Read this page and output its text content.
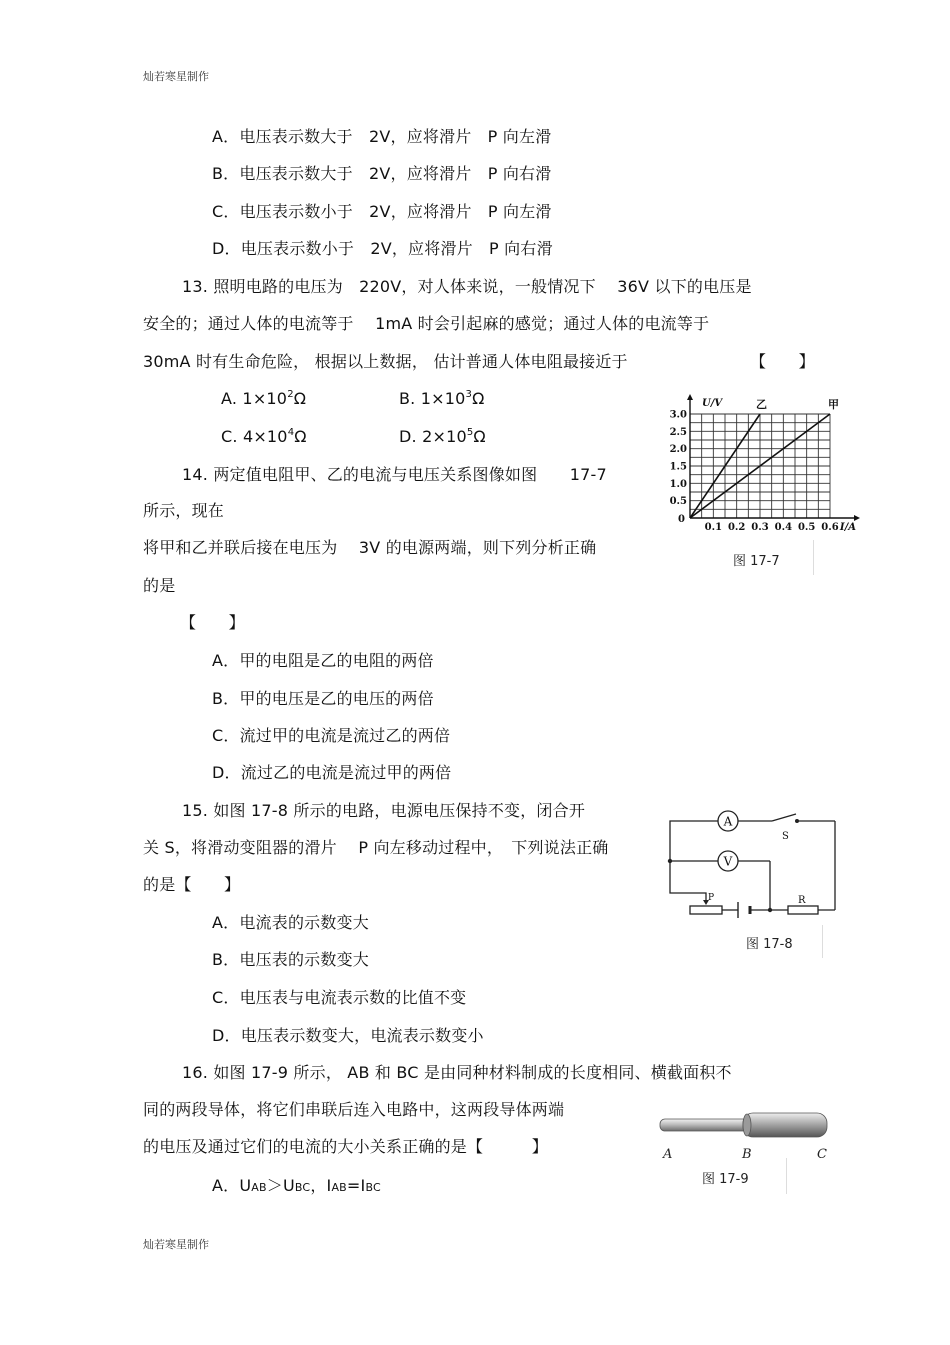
灿若寒星制作
灿若寒星制作
A．电压表示数大于　2V，应将滑片　P 向左滑
B．电压表示数大于　2V，应将滑片　P 向右滑
C．电压表示数小于　2V，应将滑片　P 向左滑
D．电压表示数小于　2V，应将滑片　P 向右滑
13. 照明电路的电压为　220V，对人体来说，一般情况下　 36V 以下的电压是
安全的；通过人体的电流等于　 1mA 时会引起麻的感觉；通过人体的电流等于
30mA 时有生命危险， 根据以上数据， 估计普通人体电阻最接近于	【　　】
A. $1\times 10^2\Omega$	B. $1\times 10^3\Omega$
C. $4\times 10^4\Omega$	D. $2\times 10^5\Omega$
14. 两定值电阻甲、乙的电流与电压关系图像如图　　17-7
所示，现在
将甲和乙并联后接在电压为　 3V 的电源两端，则下列分析正确
的是
【　　】
A．甲的电阻是乙的电阻的两倍
B．甲的电压是乙的电压的两倍
C．流过甲的电流是流过乙的两倍
D．流过乙的电流是流过甲的两倍
0.1 0.2 0.3 0.4 0.5 0.6
0.5
1.0
1.5
2.0
2.5
3.0
0
乙	甲
U/V
I/A
图 17-7
15. 如图 17-8 所示的电路，电源电压保持不变，闭合开
关 S，将滑动变阻器的滑片　 P 向左移动过程中，　下列说法正确
的是【　　】
A．电流表的示数变大
B．电压表的示数变大
C．电压表与电流表示数的比值不变
D．电压表示数变大，电流表示数变小
A
V
S
P	R
图 17-8
16. 如图 17-9 所示， AB 和 BC 是由同种材料制成的长度相同、横截面积不
同的两段导体，将它们串联后连入电路中，这两段导体两端
的电压及通过它们的电流的大小关系正确的是【　　　】
A．UAB＞UBC，IAB=IBC
A	B	C
图 17-9
